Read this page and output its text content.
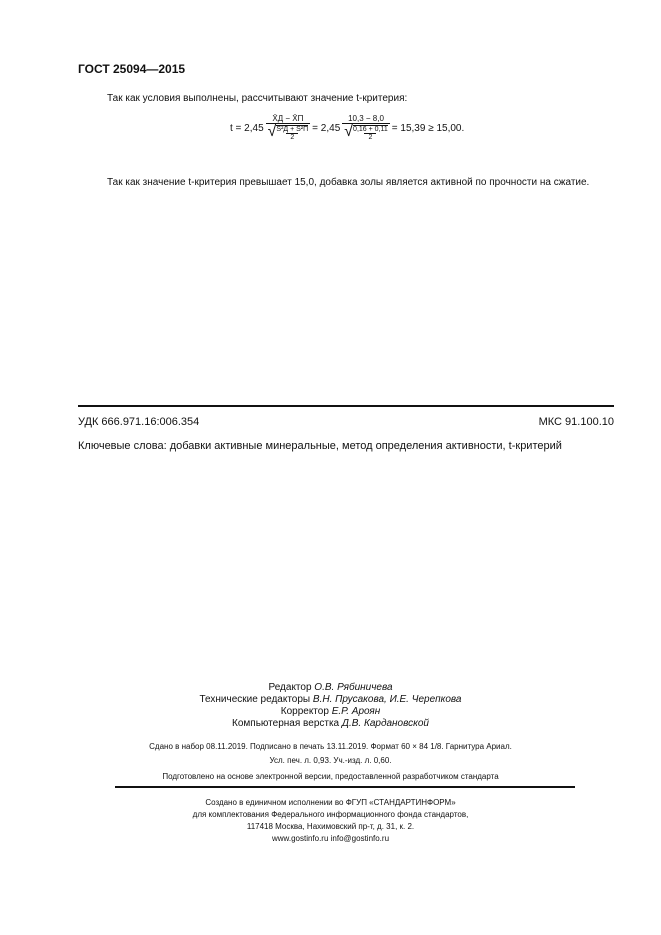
ГОСТ 25094—2015
Так как условия выполнены, рассчитывают значение t-критерия:
t = 2,45 X̄Д − X̄П
√ S²Д + S²П
2 = 2,45 10,3 − 8,0
√ 0,16 + 0,11
2 = 15,39 ≥ 15,00.
Так как значение t-критерия превышает 15,0, добавка золы является активной по прочности на сжатие.
УДК 666.971.16:006.354	МКС 91.100.10
Ключевые слова: добавки активные минеральные, метод определения активности, t-критерий
Редактор О.В. Рябиничева
Технические редакторы В.Н. Прусакова, И.Е. Черепкова
Корректор Е.Р. Ароян
Компьютерная верстка Д.В. Кардановской
Сдано в набор 08.11.2019. Подписано в печать 13.11.2019. Формат 60 × 84 1/8. Гарнитура Ариал.
Усл. печ. л. 0,93. Уч.-изд. л. 0,60.
Подготовлено на основе электронной версии, предоставленной разработчиком стандарта
Создано в единичном исполнении во ФГУП «СТАНДАРТИНФОРМ»
для комплектования Федерального информационного фонда стандартов,
117418 Москва, Нахимовский пр-т, д. 31, к. 2.
www.gostinfo.ru info@gostinfo.ru
